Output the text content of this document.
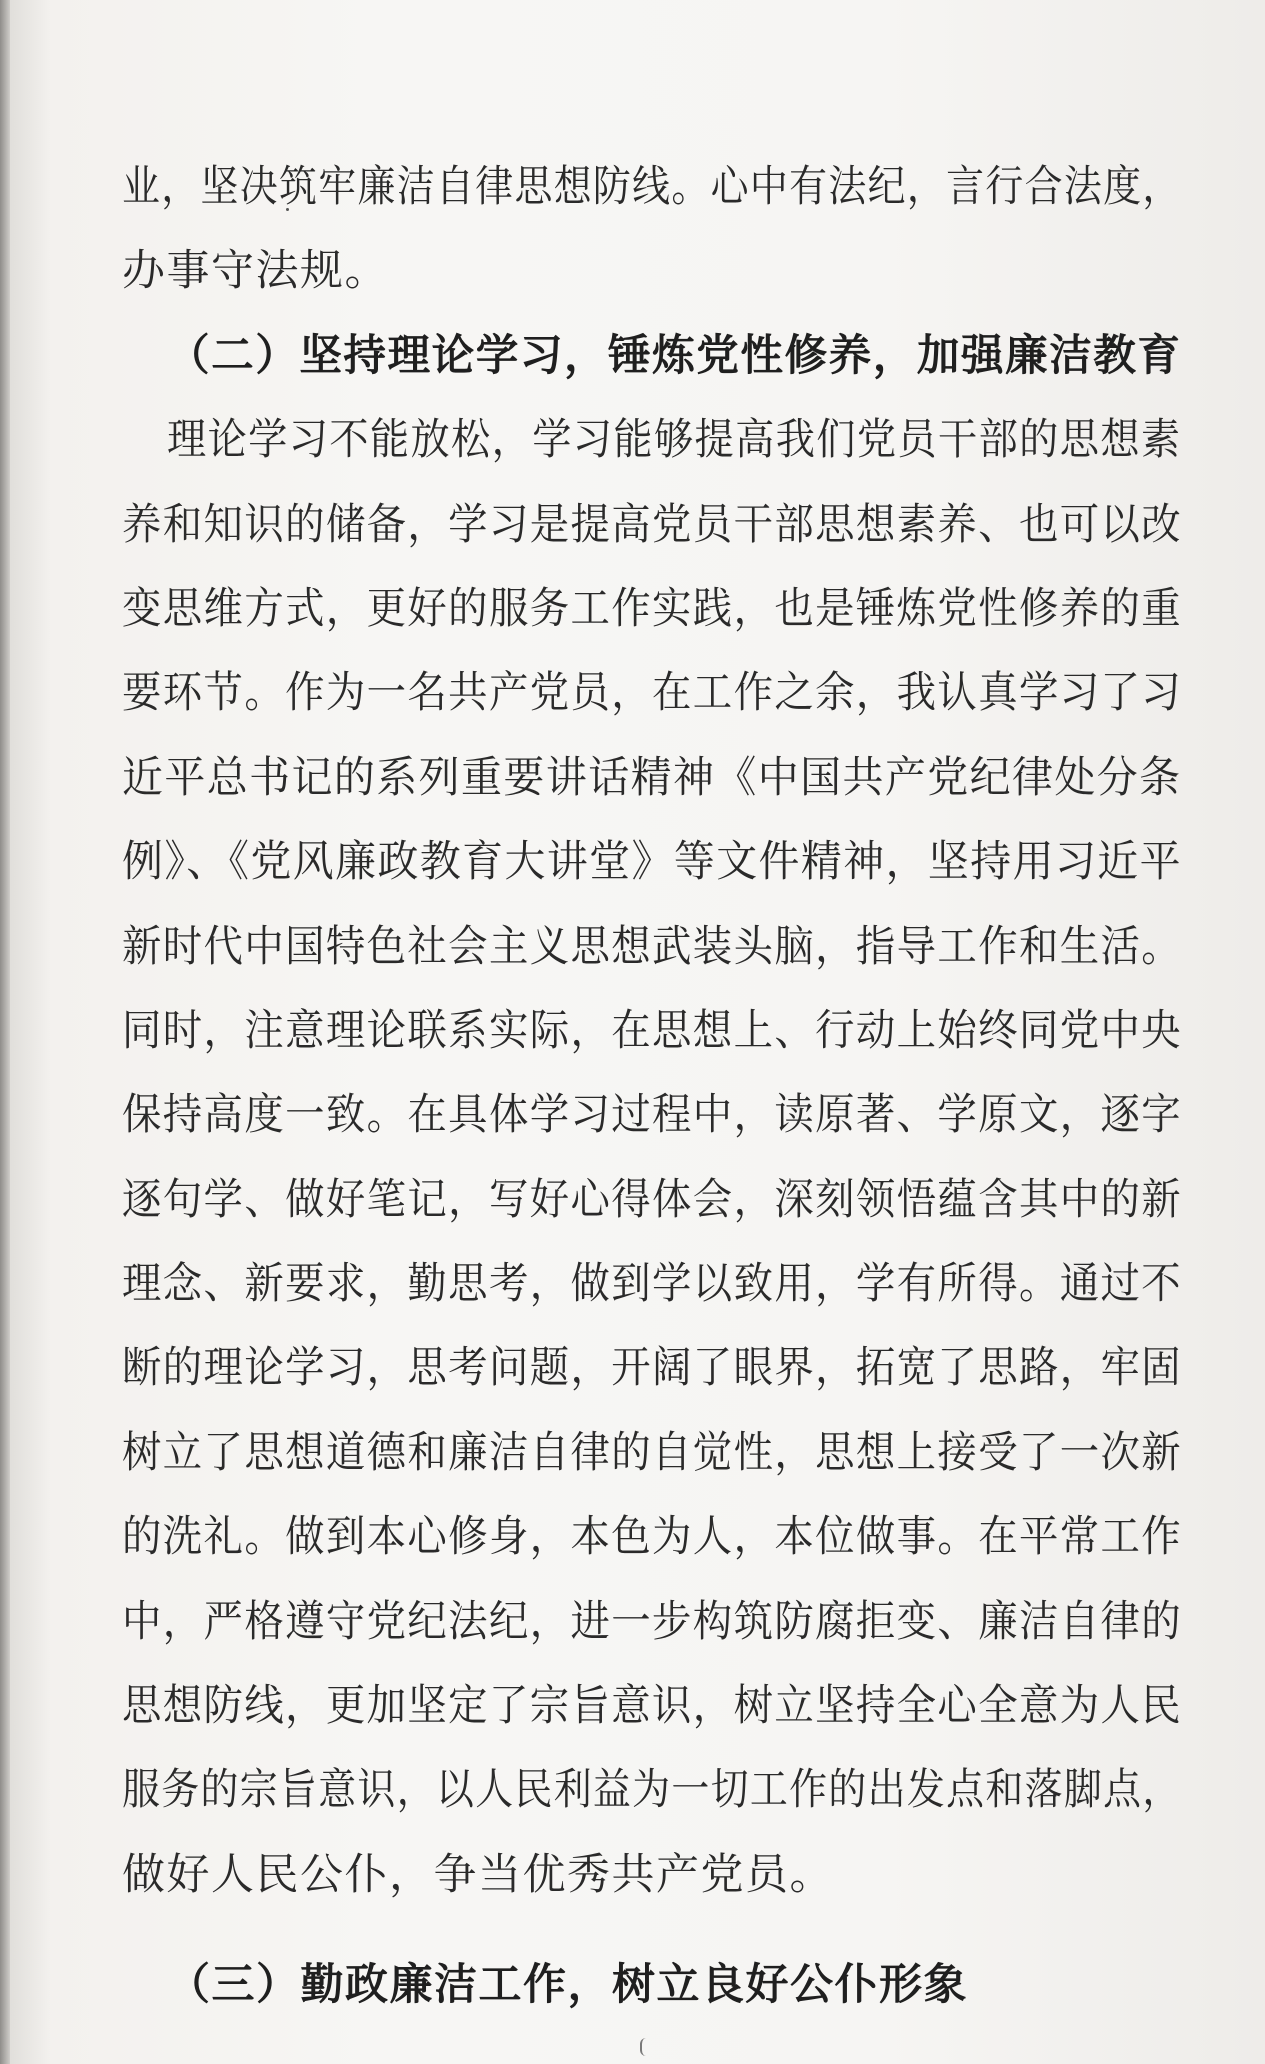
业，坚决筑牢廉洁自律思想防线。心中有法纪，言行合法度，
办事守法规。
（二）坚持理论学习，锤炼党性修养，加强廉洁教育
理论学习不能放松，学习能够提高我们党员干部的思想素
养和知识的储备，学习是提高党员干部思想素养、也可以改
变思维方式，更好的服务工作实践，也是锤炼党性修养的重
要环节。作为一名共产党员，在工作之余，我认真学习了习
近平总书记的系列重要讲话精神《中国共产党纪律处分条
例》、《党风廉政教育大讲堂》等文件精神，坚持用习近平
新时代中国特色社会主义思想武装头脑，指导工作和生活。
同时，注意理论联系实际，在思想上、行动上始终同党中央
保持高度一致。在具体学习过程中，读原著、学原文，逐字
逐句学、做好笔记，写好心得体会，深刻领悟蕴含其中的新
理念、新要求，勤思考，做到学以致用，学有所得。通过不
断的理论学习，思考问题，开阔了眼界，拓宽了思路，牢固
树立了思想道德和廉洁自律的自觉性，思想上接受了一次新
的洗礼。做到本心修身，本色为人，本位做事。在平常工作
中，严格遵守党纪法纪，进一步构筑防腐拒变、廉洁自律的
思想防线，更加坚定了宗旨意识，树立坚持全心全意为人民
服务的宗旨意识，以人民利益为一切工作的出发点和落脚点，
做好人民公仆，争当优秀共产党员。
（三）勤政廉洁工作，树立良好公仆形象
